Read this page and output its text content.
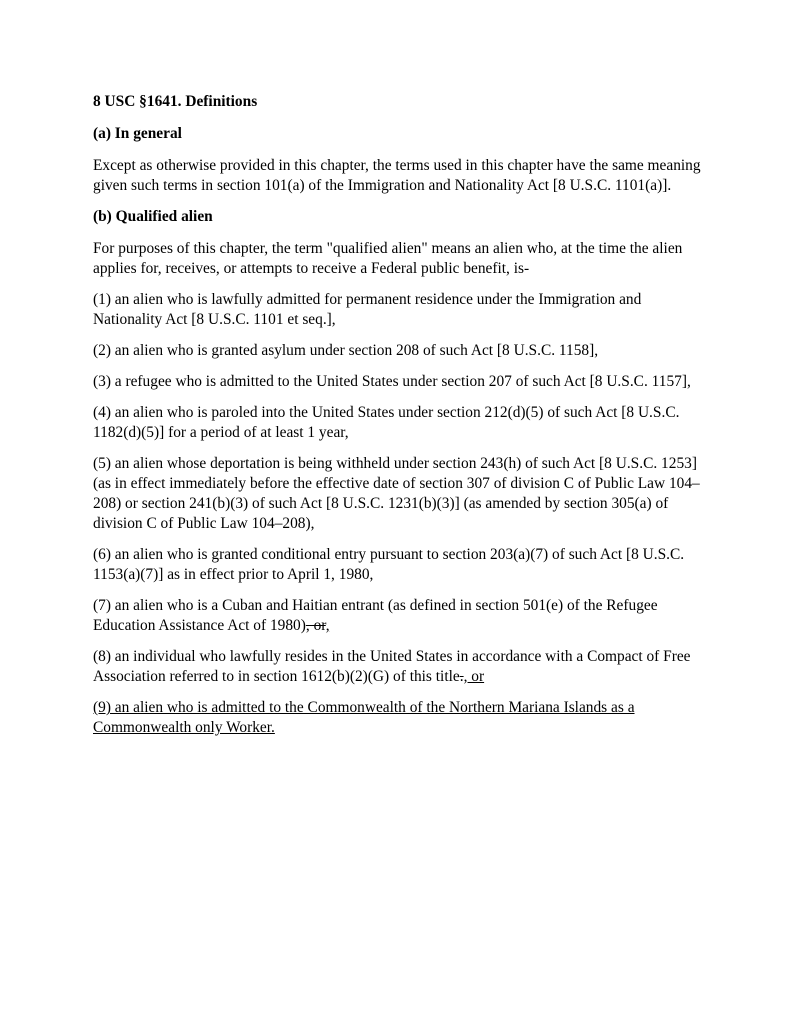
8 USC §1641. Definitions

(a) In general

Except as otherwise provided in this chapter, the terms used in this chapter have the same meaning given such terms in section 101(a) of the Immigration and Nationality Act [8 U.S.C. 1101(a)].

(b) Qualified alien

For purposes of this chapter, the term "qualified alien" means an alien who, at the time the alien applies for, receives, or attempts to receive a Federal public benefit, is-

(1) an alien who is lawfully admitted for permanent residence under the Immigration and Nationality Act [8 U.S.C. 1101 et seq.],

(2) an alien who is granted asylum under section 208 of such Act [8 U.S.C. 1158],

(3) a refugee who is admitted to the United States under section 207 of such Act [8 U.S.C. 1157],

(4) an alien who is paroled into the United States under section 212(d)(5) of such Act [8 U.S.C. 1182(d)(5)] for a period of at least 1 year,

(5) an alien whose deportation is being withheld under section 243(h) of such Act [8 U.S.C. 1253] (as in effect immediately before the effective date of section 307 of division C of Public Law 104–208) or section 241(b)(3) of such Act [8 U.S.C. 1231(b)(3)] (as amended by section 305(a) of division C of Public Law 104–208),

(6) an alien who is granted conditional entry pursuant to section 203(a)(7) of such Act [8 U.S.C. 1153(a)(7)] as in effect prior to April 1, 1980,

(7) an alien who is a Cuban and Haitian entrant (as defined in section 501(e) of the Refugee Education Assistance Act of 1980), or,

(8) an individual who lawfully resides in the United States in accordance with a Compact of Free Association referred to in section 1612(b)(2)(G) of this title., or

(9) an alien who is admitted to the Commonwealth of the Northern Mariana Islands as a Commonwealth only Worker.
